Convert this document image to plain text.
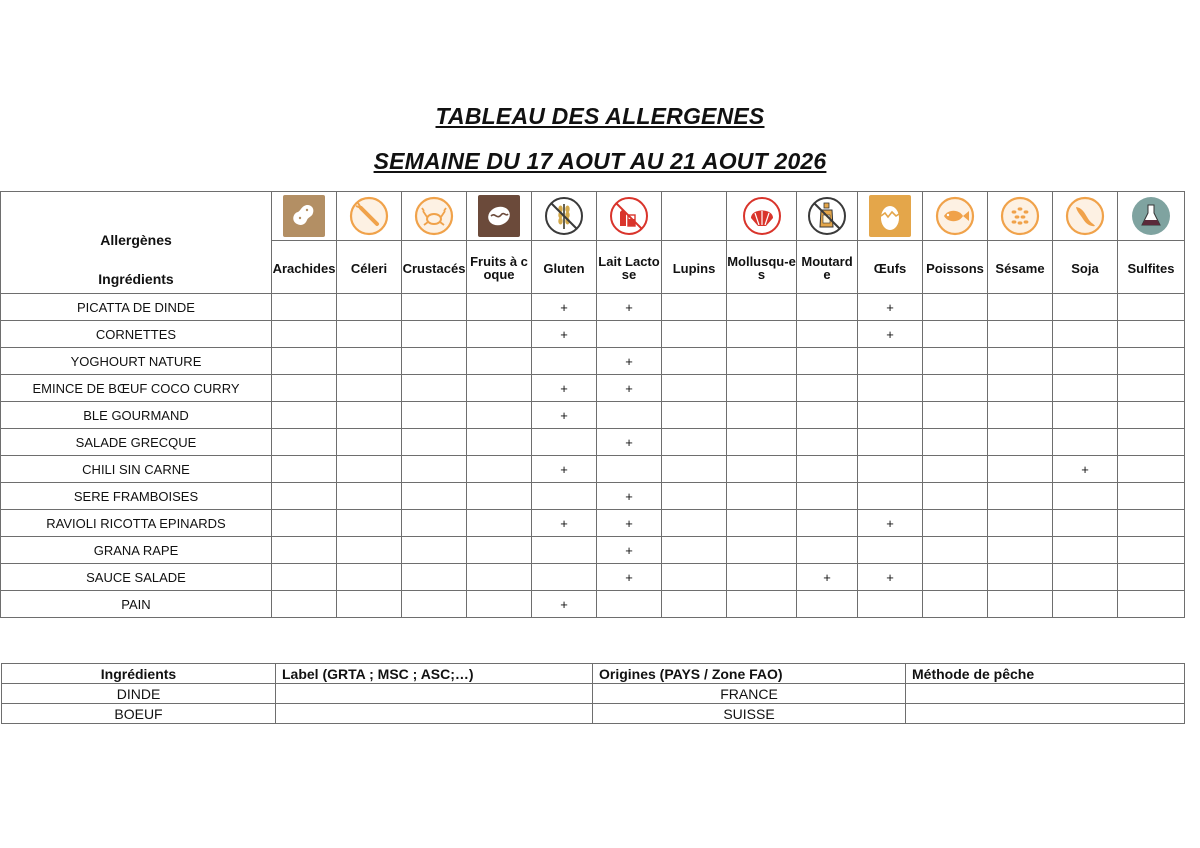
TABLEAU DES ALLERGENES
SEMAINE DU 17 AOUT AU 21 AOUT 2026
Allergènes
Ingrédients

	Arachides	Céleri	Crustacés	Fruits à coque	Gluten	Lait Lactose	Lupins	Mollusqu-es	Moutard e	Œufs	Poissons	Sésame	Soja	Sulfites
PICATTA DE DINDE					+	+				+				
CORNETTES					+					+				
YOGHOURT NATURE						+								
EMINCE DE BŒUF COCO CURRY					+	+								
BLE GOURMAND					+									
SALADE GRECQUE						+								
CHILI SIN CARNE					+								+	
SERE FRAMBOISES						+								
RAVIOLI RICOTTA EPINARDS					+	+				+				
GRANA RAPE						+								
SAUCE SALADE						+			+	+				
PAIN					+									
Ingrédients	Label (GRTA ; MSC ; ASC;…)	Origines (PAYS / Zone FAO)	Méthode de pêche
DINDE		FRANCE	
BOEUF		SUISSE	
